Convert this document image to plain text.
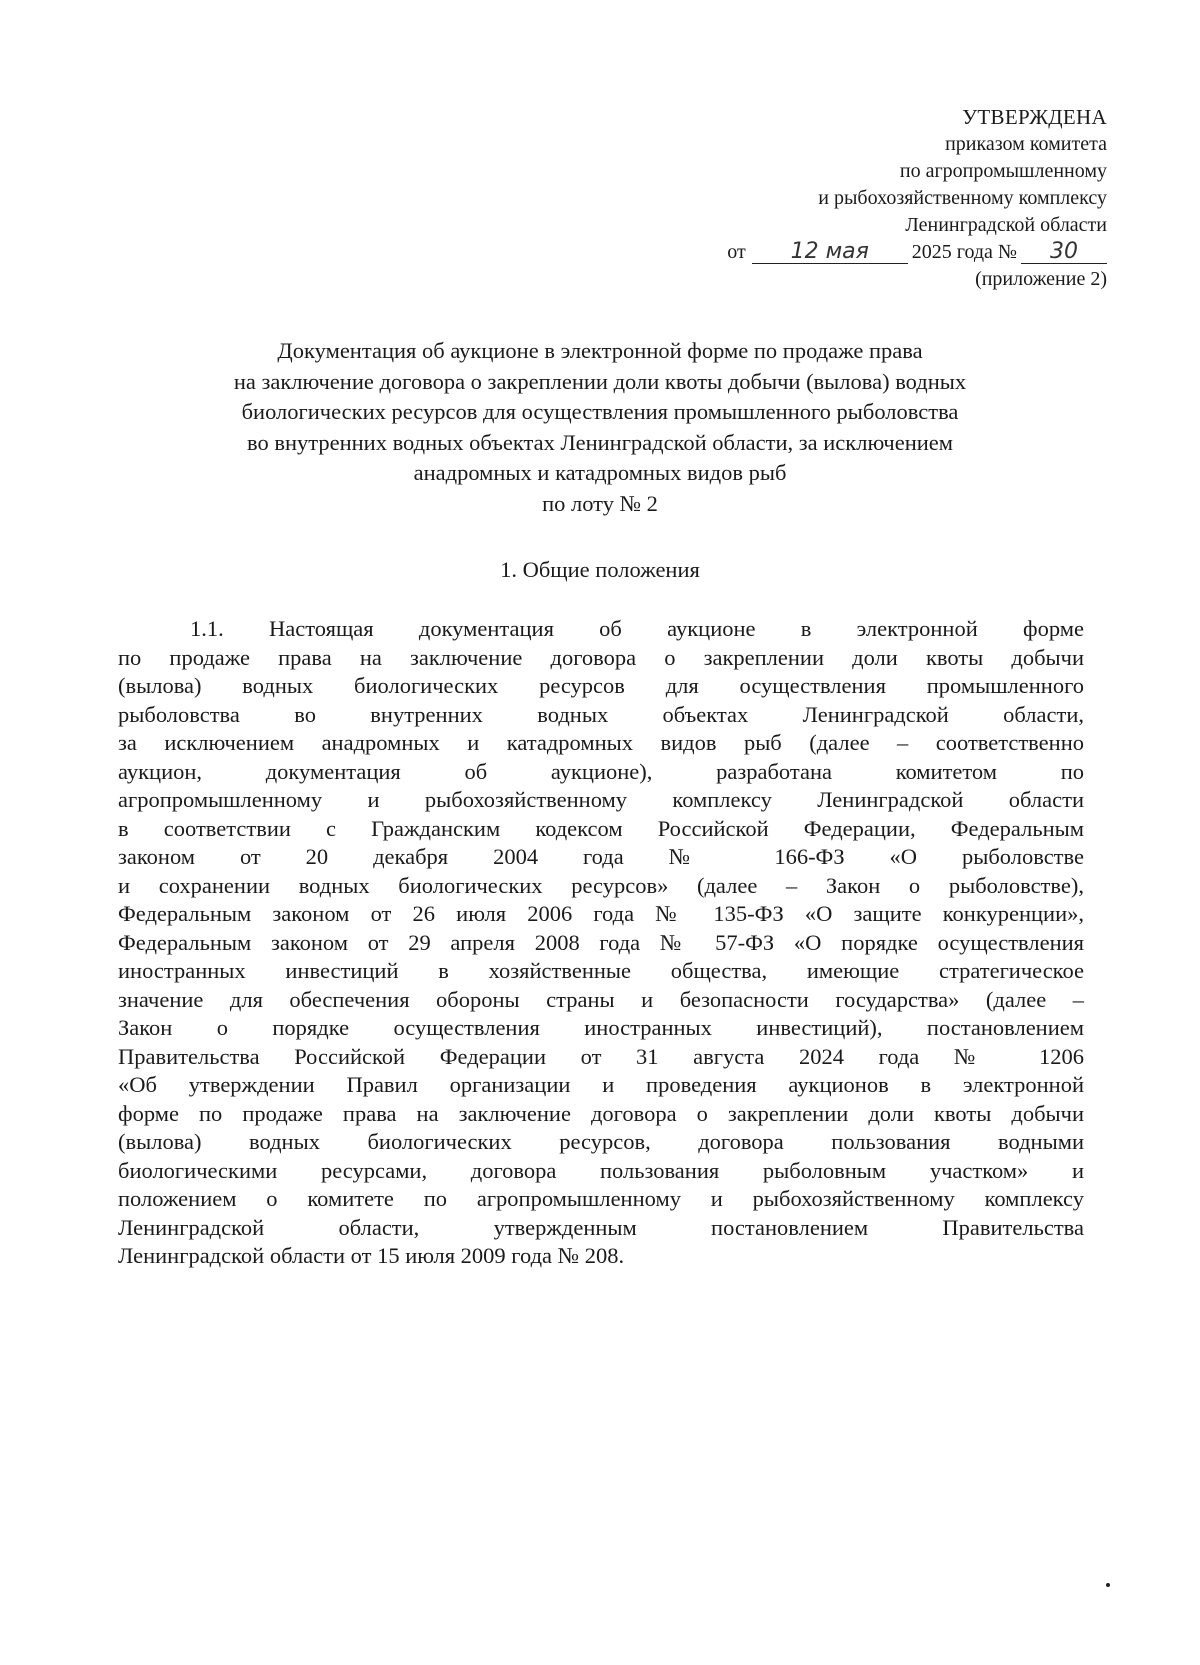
УТВЕРЖДЕНА
приказом комитета
по агропромышленному
и рыбохозяйственному комплексу
Ленинградской области
от 12 мая 2025 года № 30
(приложение 2)
Документация об аукционе в электронной форме по продаже права
на заключение договора о закреплении доли квоты добычи (вылова) водных
биологических ресурсов для осуществления промышленного рыболовства
во внутренних водных объектах Ленинградской области, за исключением
анадромных и катадромных видов рыб
по лоту № 2
1. Общие положения
1.1. Настоящая документация об аукционе в электронной форме
по продаже права на заключение договора о закреплении доли квоты добычи
(вылова) водных биологических ресурсов для осуществления промышленного
рыболовства во внутренних водных объектах Ленинградской области,
за исключением анадромных и катадромных видов рыб (далее – соответственно
аукцион, документация об аукционе), разработана комитетом по
агропромышленному и рыбохозяйственному комплексу Ленинградской области
в соответствии с Гражданским кодексом Российской Федерации, Федеральным
законом от 20 декабря 2004 года № 166-ФЗ «О рыболовстве
и сохранении водных биологических ресурсов» (далее – Закон о рыболовстве),
Федеральным законом от 26 июля 2006 года № 135-ФЗ «О защите конкуренции»,
Федеральным законом от 29 апреля 2008 года № 57-ФЗ «О порядке осуществления
иностранных инвестиций в хозяйственные общества, имеющие стратегическое
значение для обеспечения обороны страны и безопасности государства» (далее –
Закон о порядке осуществления иностранных инвестиций), постановлением
Правительства Российской Федерации от 31 августа 2024 года № 1206
«Об утверждении Правил организации и проведения аукционов в электронной
форме по продаже права на заключение договора о закреплении доли квоты добычи
(вылова) водных биологических ресурсов, договора пользования водными
биологическими ресурсами, договора пользования рыболовным участком» и
положением о комитете по агропромышленному и рыбохозяйственному комплексу
Ленинградской области, утвержденным постановлением Правительства
Ленинградской области от 15 июля 2009 года № 208.
